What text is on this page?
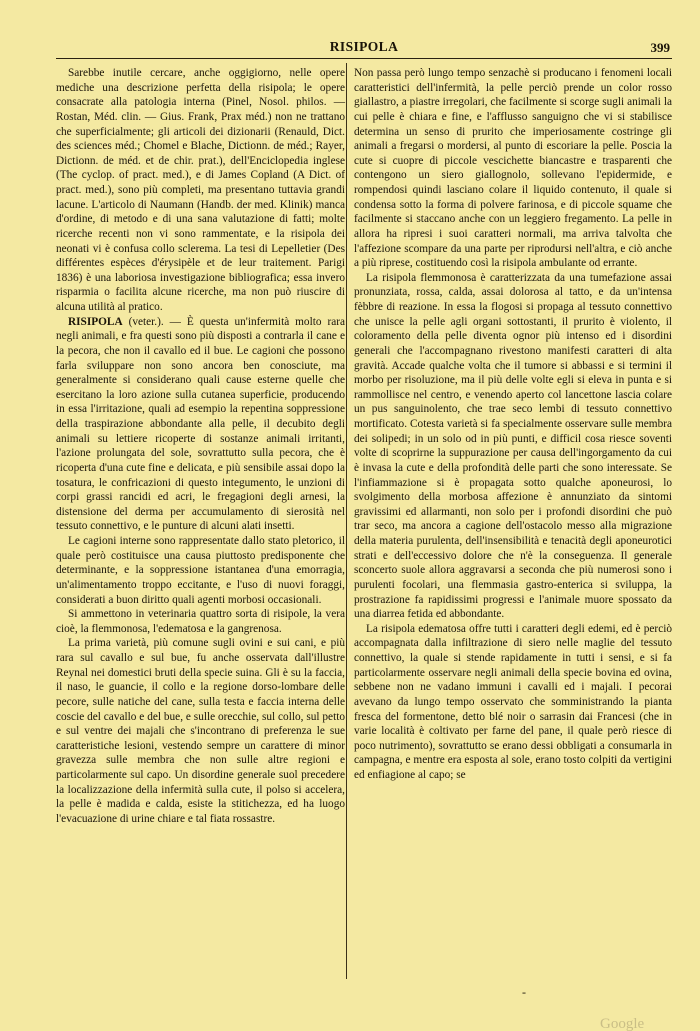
RISIPOLA	399

Sarebbe inutile cercare, anche oggigiorno, nelle opere mediche una descrizione perfetta della risipola; le opere consacrate alla patologia interna (Pinel, Nosol. philos. — Rostan, Méd. clin. — Gius. Frank, Prax méd.) non ne trattano che superficialmente; gli articoli dei dizionarii (Renauld, Dict. des sciences méd.; Chomel e Blache, Dictionn. de méd.; Rayer, Dictionn. de méd. et de chir. prat.), dell'Enciclopedia inglese (The cyclop. of pract. med.), e di James Copland (A Dict. of pract. med.), sono più completi, ma presentano tuttavia grandi lacune. L'articolo di Naumann (Handb. der med. Klinik) manca d'ordine, di metodo e di una sana valutazione di fatti; molte ricerche recenti non vi sono rammentate, e la risipola dei neonati vi è confusa collo sclerema. La tesi di Lepelletier (Des différentes espèces d'érysipèle et de leur traitement. Parigi 1836) è una laboriosa investigazione bibliografica; essa invero risparmia o facilita alcune ricerche, ma non può riuscire di alcuna utilità al pratico.

RISIPOLA (veter.). — È questa un'infermità molto rara negli animali, e fra questi sono più disposti a contrarla il cane e la pecora, che non il cavallo ed il bue. Le cagioni che possono farla sviluppare non sono ancora ben conosciute, ma generalmente si considerano quali cause esterne quelle che esercitano la loro azione sulla cutanea superficie, producendo in essa l'irritazione, quali ad esempio la repentina soppressione della traspirazione abbondante alla pelle, il decubito degli animali su lettiere ricoperte di sostanze animali irritanti, l'azione prolungata del sole, sovrattutto sulla pecora, che è ricoperta d'una cute fine e delicata, e più sensibile assai dopo la tosatura, le confricazioni di questo integumento, le unzioni di corpi grassi rancidi ed acri, le fregagioni degli arnesi, la distensione del derma per accumulamento di sierosità nel tessuto connettivo, e le punture di alcuni alati insetti.

Le cagioni interne sono rappresentate dallo stato pletorico, il quale però costituisce una causa piuttosto predisponente che determinante, e la soppressione istantanea d'una emorragia, un'alimentamento troppo eccitante, e l'uso di nuovi foraggi, considerati a buon diritto quali agenti morbosi occasionali.

Si ammettono in veterinaria quattro sorta di risipole, la vera cioè, la flemmonosa, l'edematosa e la gangrenosa.

La prima varietà, più comune sugli ovini e sui cani, e più rara sul cavallo e sul bue, fu anche osservata dall'illustre Reynal nei domestici bruti della specie suina. Gli è su la faccia, il naso, le guancie, il collo e la regione dorso-lombare delle pecore, sulle natiche del cane, sulla testa e faccia interna delle coscie del cavallo e del bue, e sulle orecchie, sul collo, sul petto e sul ventre dei majali che s'incontrano di preferenza le sue caratteristiche lesioni, vestendo sempre un carattere di minor gravezza sulle membra che non sulle altre regioni e particolarmente sul capo. Un disordine generale suol precedere la localizzazione della infermità sulla cute, il polso si accelera, la pelle è madida e calda, esiste la stitichezza, ed ha luogo l'evacuazione di urine chiare e tal fiata rossastre.

Non passa però lungo tempo senzachè si producano i fenomeni locali caratteristici dell'infermità, la pelle perciò prende un color rosso giallastro, a piastre irregolari, che facilmente si scorge sugli animali la cui pelle è chiara e fine, e l'afflusso sanguigno che vi si stabilisce determina un senso di prurito che imperiosamente costringe gli animali a fregarsi o mordersi, al punto di escoriare la pelle. Poscia la cute si cuopre di piccole vescichette biancastre e trasparenti che contengono un siero giallognolo, sollevano l'epidermide, e rompendosi quindi lasciano colare il liquido contenuto, il quale si condensa sotto la forma di polvere farinosa, e di piccole squame che facilmente si staccano anche con un leggiero fregamento. La pelle in allora ha ripresi i suoi caratteri normali, ma arriva talvolta che l'affezione scompare da una parte per riprodursi nell'altra, e ciò anche a più riprese, costituendo così la risipola ambulante od errante.

La risipola flemmonosa è caratterizzata da una tumefazione assai pronunziata, rossa, calda, assai dolorosa al tatto, e da un'intensa fèbbre di reazione. In essa la flogosi si propaga al tessuto connettivo che unisce la pelle agli organi sottostanti, il prurito è violento, il coloramento della pelle diventa ognor più intenso ed i disordini generali che l'accompagnano rivestono manifesti caratteri di alta gravità. Accade qualche volta che il tumore si abbassi e si termini il morbo per risoluzione, ma il più delle volte egli si eleva in punta e si rammollisce nel centro, e venendo aperto col lancettone lascia colare un pus sanguinolento, che trae seco lembi di tessuto connettivo mortificato. Cotesta varietà si fa specialmente osservare sulle membra dei solipedi; in un solo od in più punti, e difficil cosa riesce soventi volte di scoprirne la suppurazione per causa dell'ingorgamento da cui è invasa la cute e della profondità delle parti che sono interessate. Se l'infiammazione si è propagata sotto qualche aponeurosi, lo svolgimento della morbosa affezione è annunziato da sintomi gravissimi ed allarmanti, non solo per i profondi disordini che può trar seco, ma ancora a cagione dell'ostacolo messo alla migrazione della materia purulenta, dell'insensibilità e tenacità degli aponeurotici strati e dell'eccessivo dolore che n'è la conseguenza. Il generale sconcerto suole allora aggravarsi a seconda che più numerosi sono i purulenti focolari, una flemmasia gastro-enterica si sviluppa, la prostrazione fa rapidissimi progressi e l'animale muore spossato da una diarrea fetida ed abbondante.

La risipola edematosa offre tutti i caratteri degli edemi, ed è perciò accompagnata dalla infiltrazione di siero nelle maglie del tessuto connettivo, la quale si stende rapidamente in tutti i sensi, e si fa particolarmente osservare negli animali della specie bovina ed ovina, sebbene non ne vadano immuni i cavalli ed i majali. I pecorai avevano da lungo tempo osservato che somministrando la pianta fresca del formentone, detto blé noir o sarrasin dai Francesi (che in varie località è coltivato per farne del pane, il quale però riesce di poco nutrimento), sovrattutto se erano dessi obbligati a consumarla in campagna, e mentre era esposta al sole, erano tosto colpiti da vertigini ed enfiagione al capo; se

-
Google
